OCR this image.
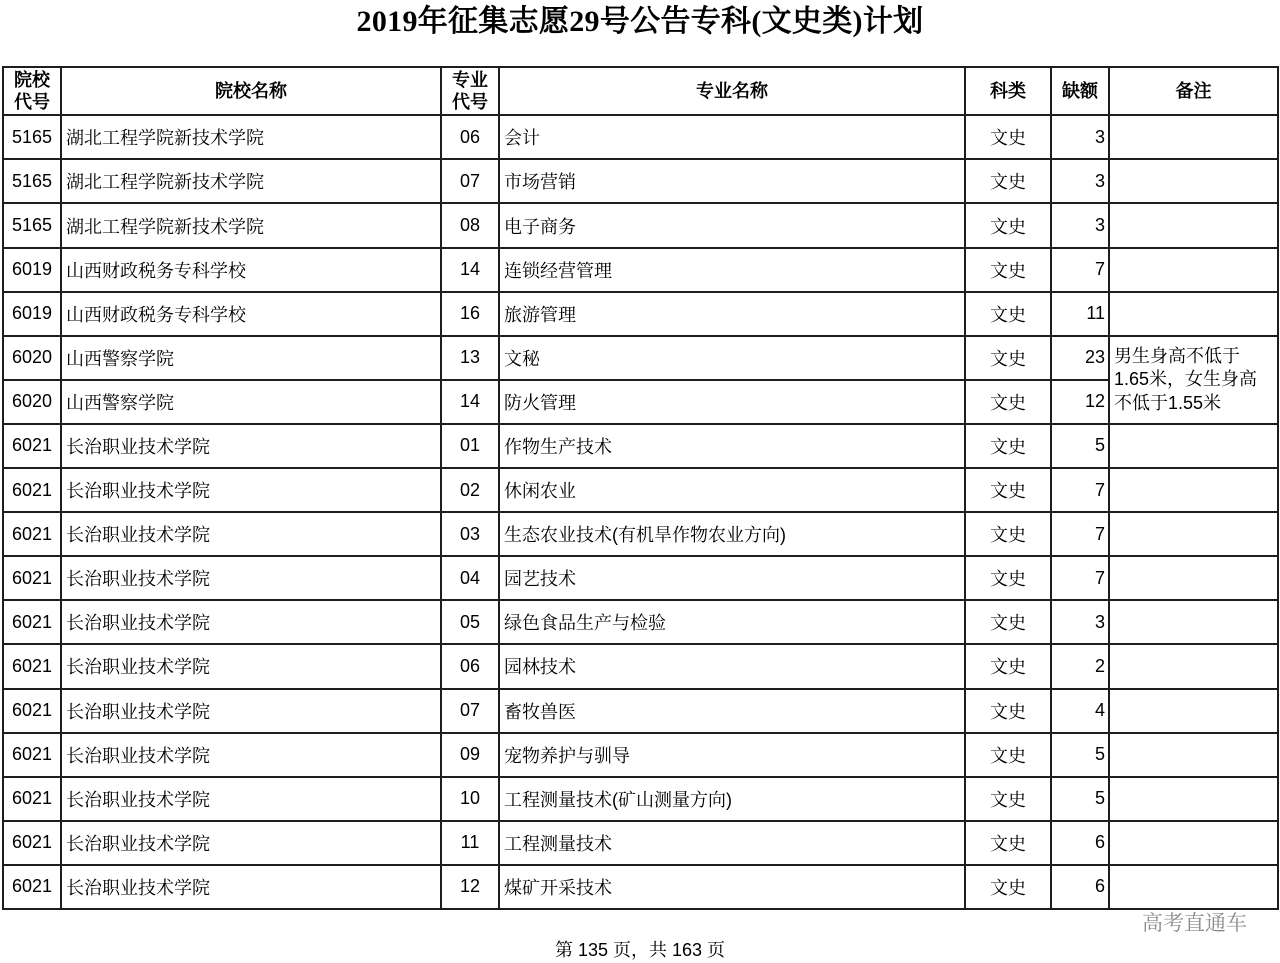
2019年征集志愿29号公告专科(文史类)计划
院校代号	院校名称	专业代号	专业名称	科类	缺额	备注
5165	湖北工程学院新技术学院	06	会计	文史	3	
5165	湖北工程学院新技术学院	07	市场营销	文史	3	
5165	湖北工程学院新技术学院	08	电子商务	文史	3	
6019	山西财政税务专科学校	14	连锁经营管理	文史	7	
6019	山西财政税务专科学校	16	旅游管理	文史	11	
6020	山西警察学院	13	文秘	文史	23	男生身高不低于1.65米，女生身高不低于1.55米

6020	山西警察学院	14	防火管理	文史	12	
6021	长治职业技术学院	01	作物生产技术	文史	5	
6021	长治职业技术学院	02	休闲农业	文史	7	
6021	长治职业技术学院	03	生态农业技术(有机旱作物农业方向)	文史	7	
6021	长治职业技术学院	04	园艺技术	文史	7	
6021	长治职业技术学院	05	绿色食品生产与检验	文史	3	
6021	长治职业技术学院	06	园林技术	文史	2	
6021	长治职业技术学院	07	畜牧兽医	文史	4	
6021	长治职业技术学院	09	宠物养护与驯导	文史	5	
6021	长治职业技术学院	10	工程测量技术(矿山测量方向)	文史	5	
6021	长治职业技术学院	11	工程测量技术	文史	6	
6021	长治职业技术学院	12	煤矿开采技术	文史	6	
高考直通车
第 135 页，共 163 页
